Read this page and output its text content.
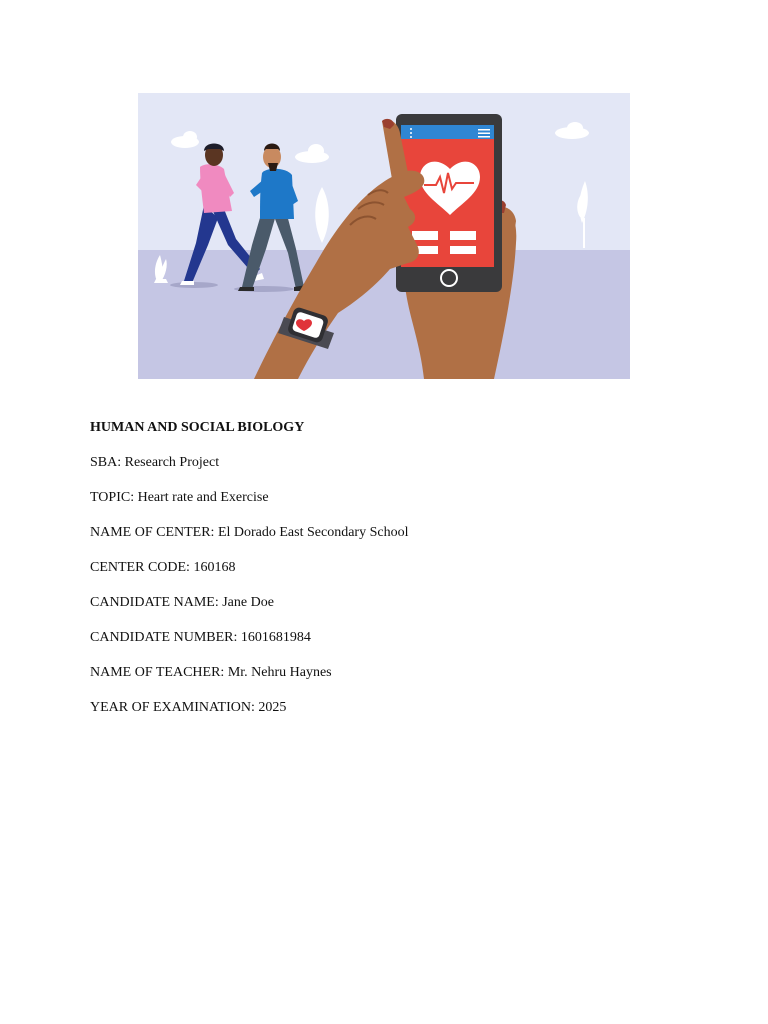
HUMAN AND SOCIAL BIOLOGY
SBA: Research Project
TOPIC: Heart rate and Exercise
NAME OF CENTER: El Dorado East Secondary School
CENTER CODE: 160168
CANDIDATE NAME: Jane Doe
CANDIDATE NUMBER: 1601681984
NAME OF TEACHER: Mr. Nehru Haynes
YEAR OF EXAMINATION: 2025
